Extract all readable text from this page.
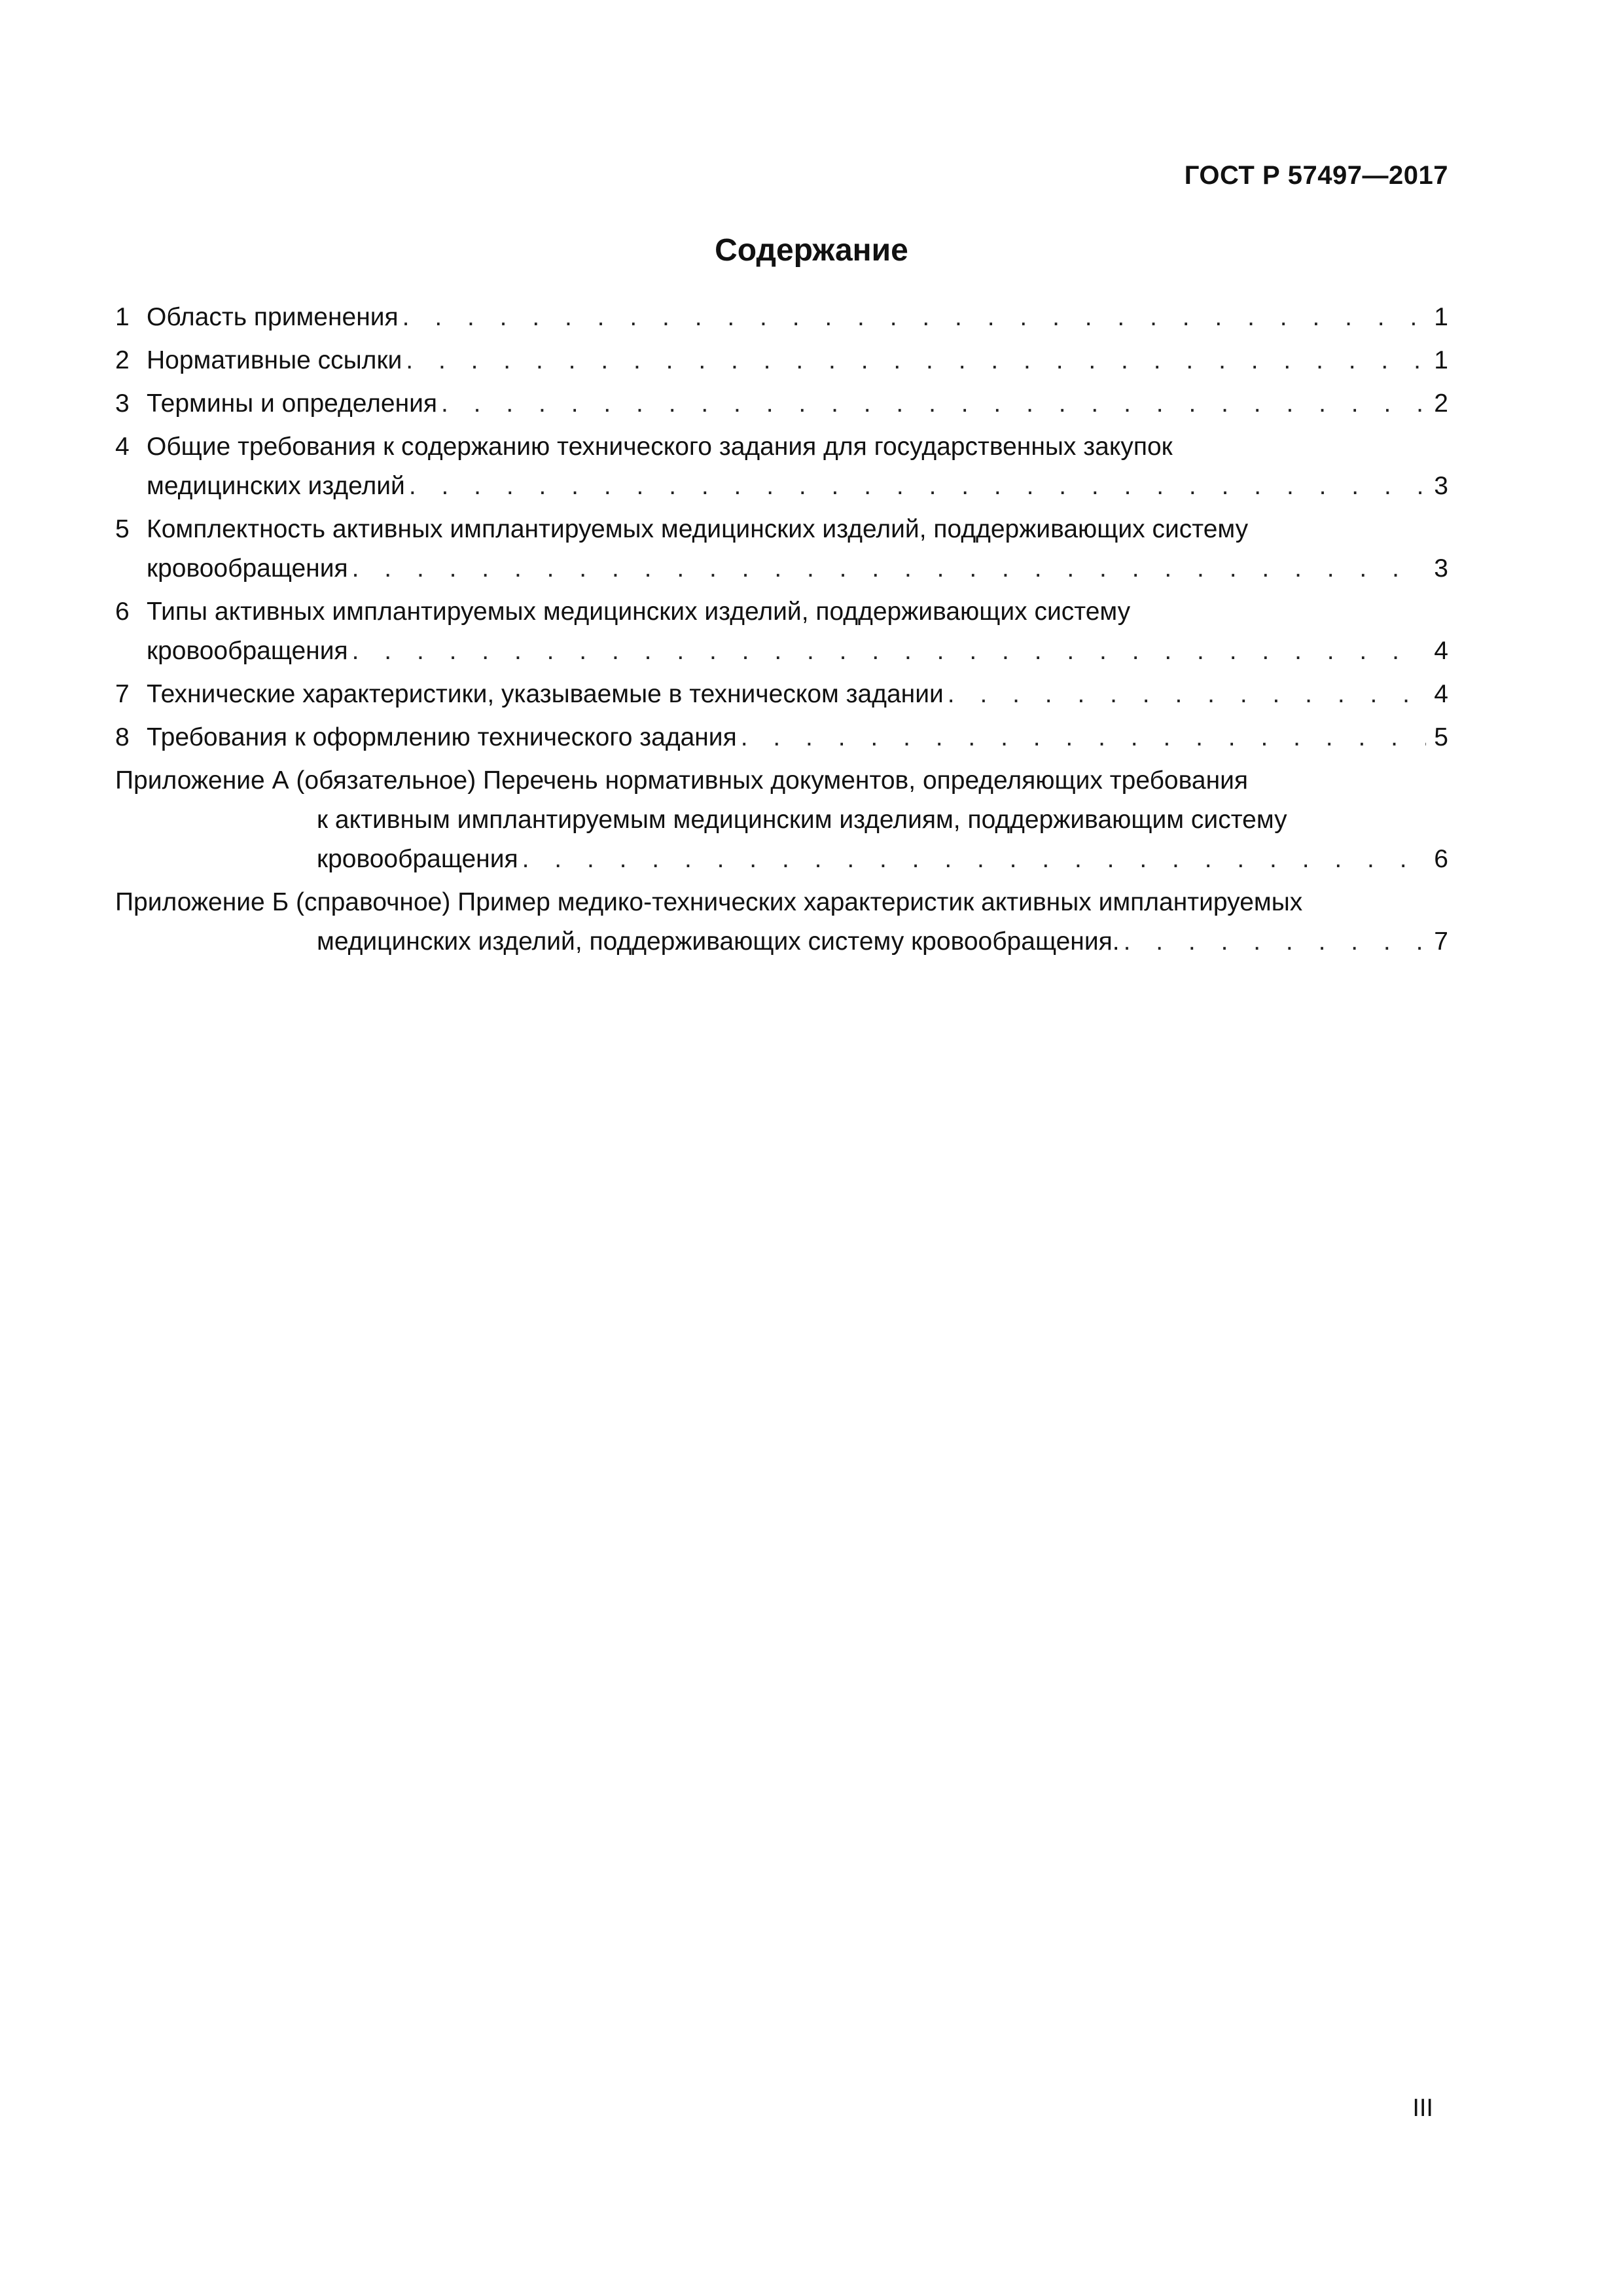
ГОСТ Р 57497—2017
Содержание
1 Область применения . . .	1
2 Нормативные ссылки . . .	1
3 Термины и определения . . .	2
4 Общие требования к содержанию технического задания для государственных закупок
медицинских изделий . . .	3
5 Комплектность активных имплантируемых медицинских изделий, поддерживающих систему
кровообращения . . .	3
6 Типы активных имплантируемых медицинских изделий, поддерживающих систему
кровообращения . . .	4
7 Технические характеристики, указываемые в техническом задании . . .	4
8 Требования к оформлению технического задания . . .	5
Приложение А (обязательное) Перечень нормативных документов, определяющих требования
к активным имплантируемым медицинским изделиям, поддерживающим систему
кровообращения . . .	6
Приложение Б (справочное) Пример медико-технических характеристик активных имплантируемых
медицинских изделий, поддерживающих систему кровообращения. . . .	7
III
